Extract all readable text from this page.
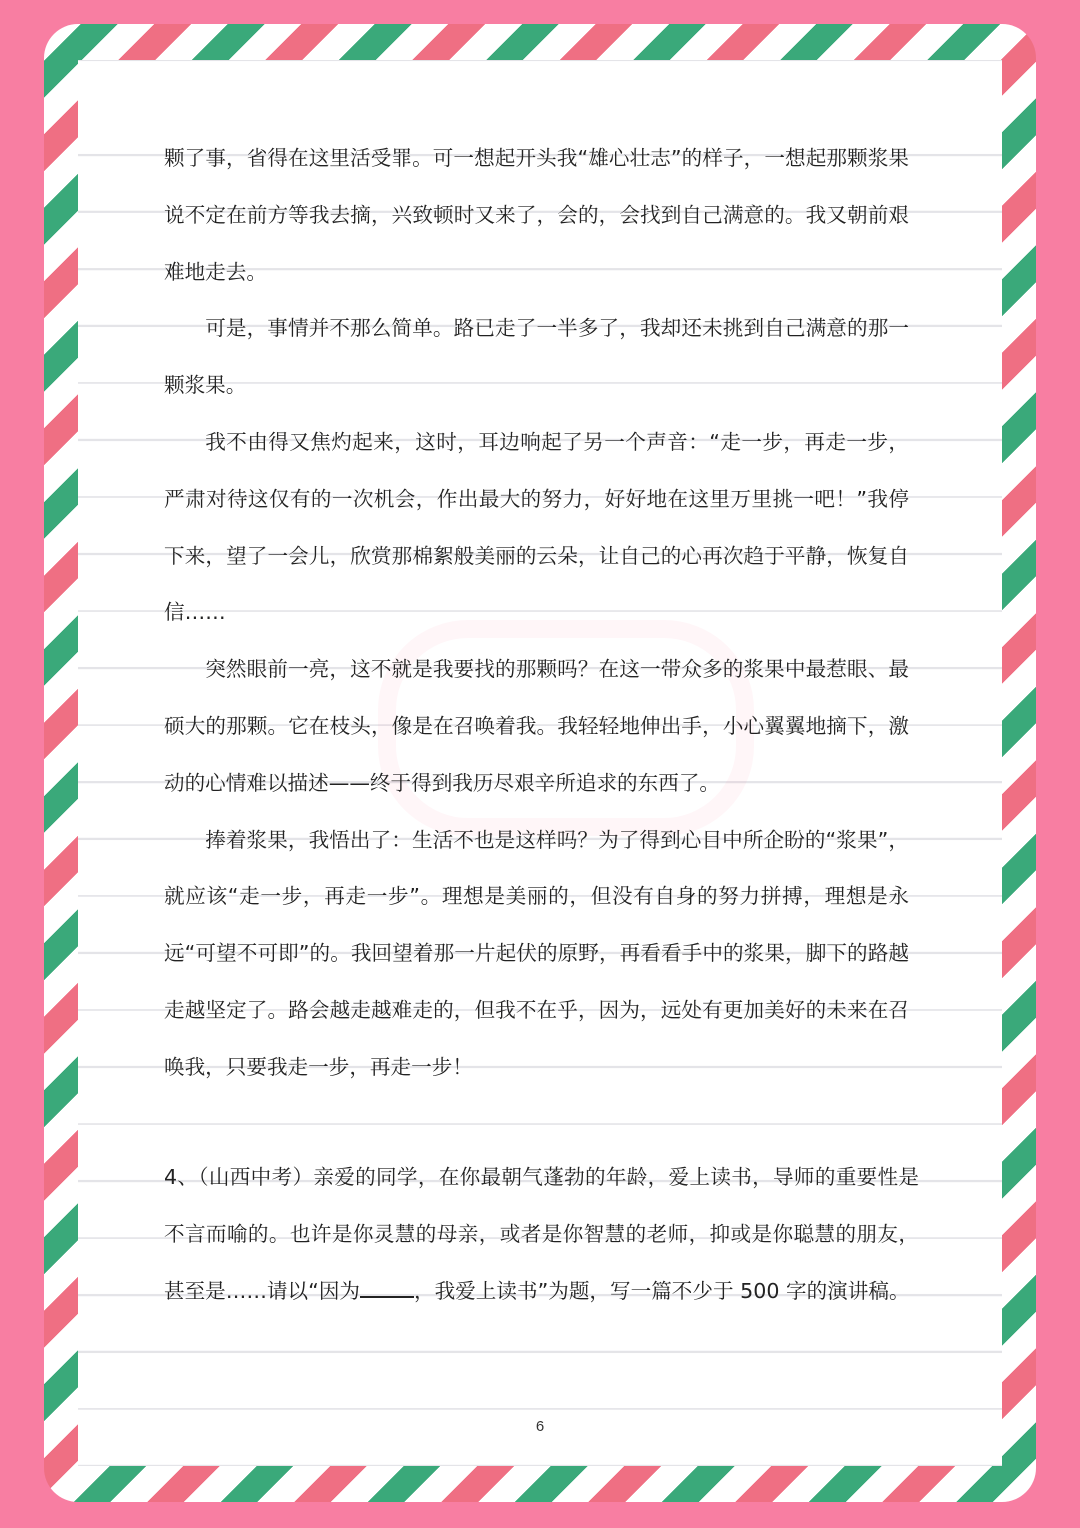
颗了事，省得在这里活受罪。可一想起开头我“雄心壮志”的样子，一想起那颗浆果说不定在前方等我去摘，兴致顿时又来了，会的，会找到自己满意的。我又朝前艰难地走去。

可是，事情并不那么简单。路已走了一半多了，我却还未挑到自己满意的那一颗浆果。

我不由得又焦灼起来，这时，耳边响起了另一个声音：“走一步，再走一步，严肃对待这仅有的一次机会，作出最大的努力，好好地在这里万里挑一吧！”我停下来，望了一会儿，欣赏那棉絮般美丽的云朵，让自己的心再次趋于平静，恢复自信……

突然眼前一亮，这不就是我要找的那颗吗？在这一带众多的浆果中最惹眼、最硕大的那颗。它在枝头，像是在召唤着我。我轻轻地伸出手，小心翼翼地摘下，激动的心情难以描述——终于得到我历尽艰辛所追求的东西了。

捧着浆果，我悟出了：生活不也是这样吗？为了得到心目中所企盼的“浆果”，就应该“走一步，再走一步”。理想是美丽的，但没有自身的努力拼搏，理想是永远“可望不可即”的。我回望着那一片起伏的原野，再看看手中的浆果，脚下的路越走越坚定了。路会越走越难走的，但我不在乎，因为，远处有更加美好的未来在召唤我，只要我走一步，再走一步！

4、（山西中考）亲爱的同学，在你最朝气蓬勃的年龄，爱上读书，导师的重要性是不言而喻的。也许是你灵慧的母亲，或者是你智慧的老师，抑或是你聪慧的朋友，甚至是……请以“因为	，我爱上读书”为题，写一篇不少于 500 字的演讲稿。

6
